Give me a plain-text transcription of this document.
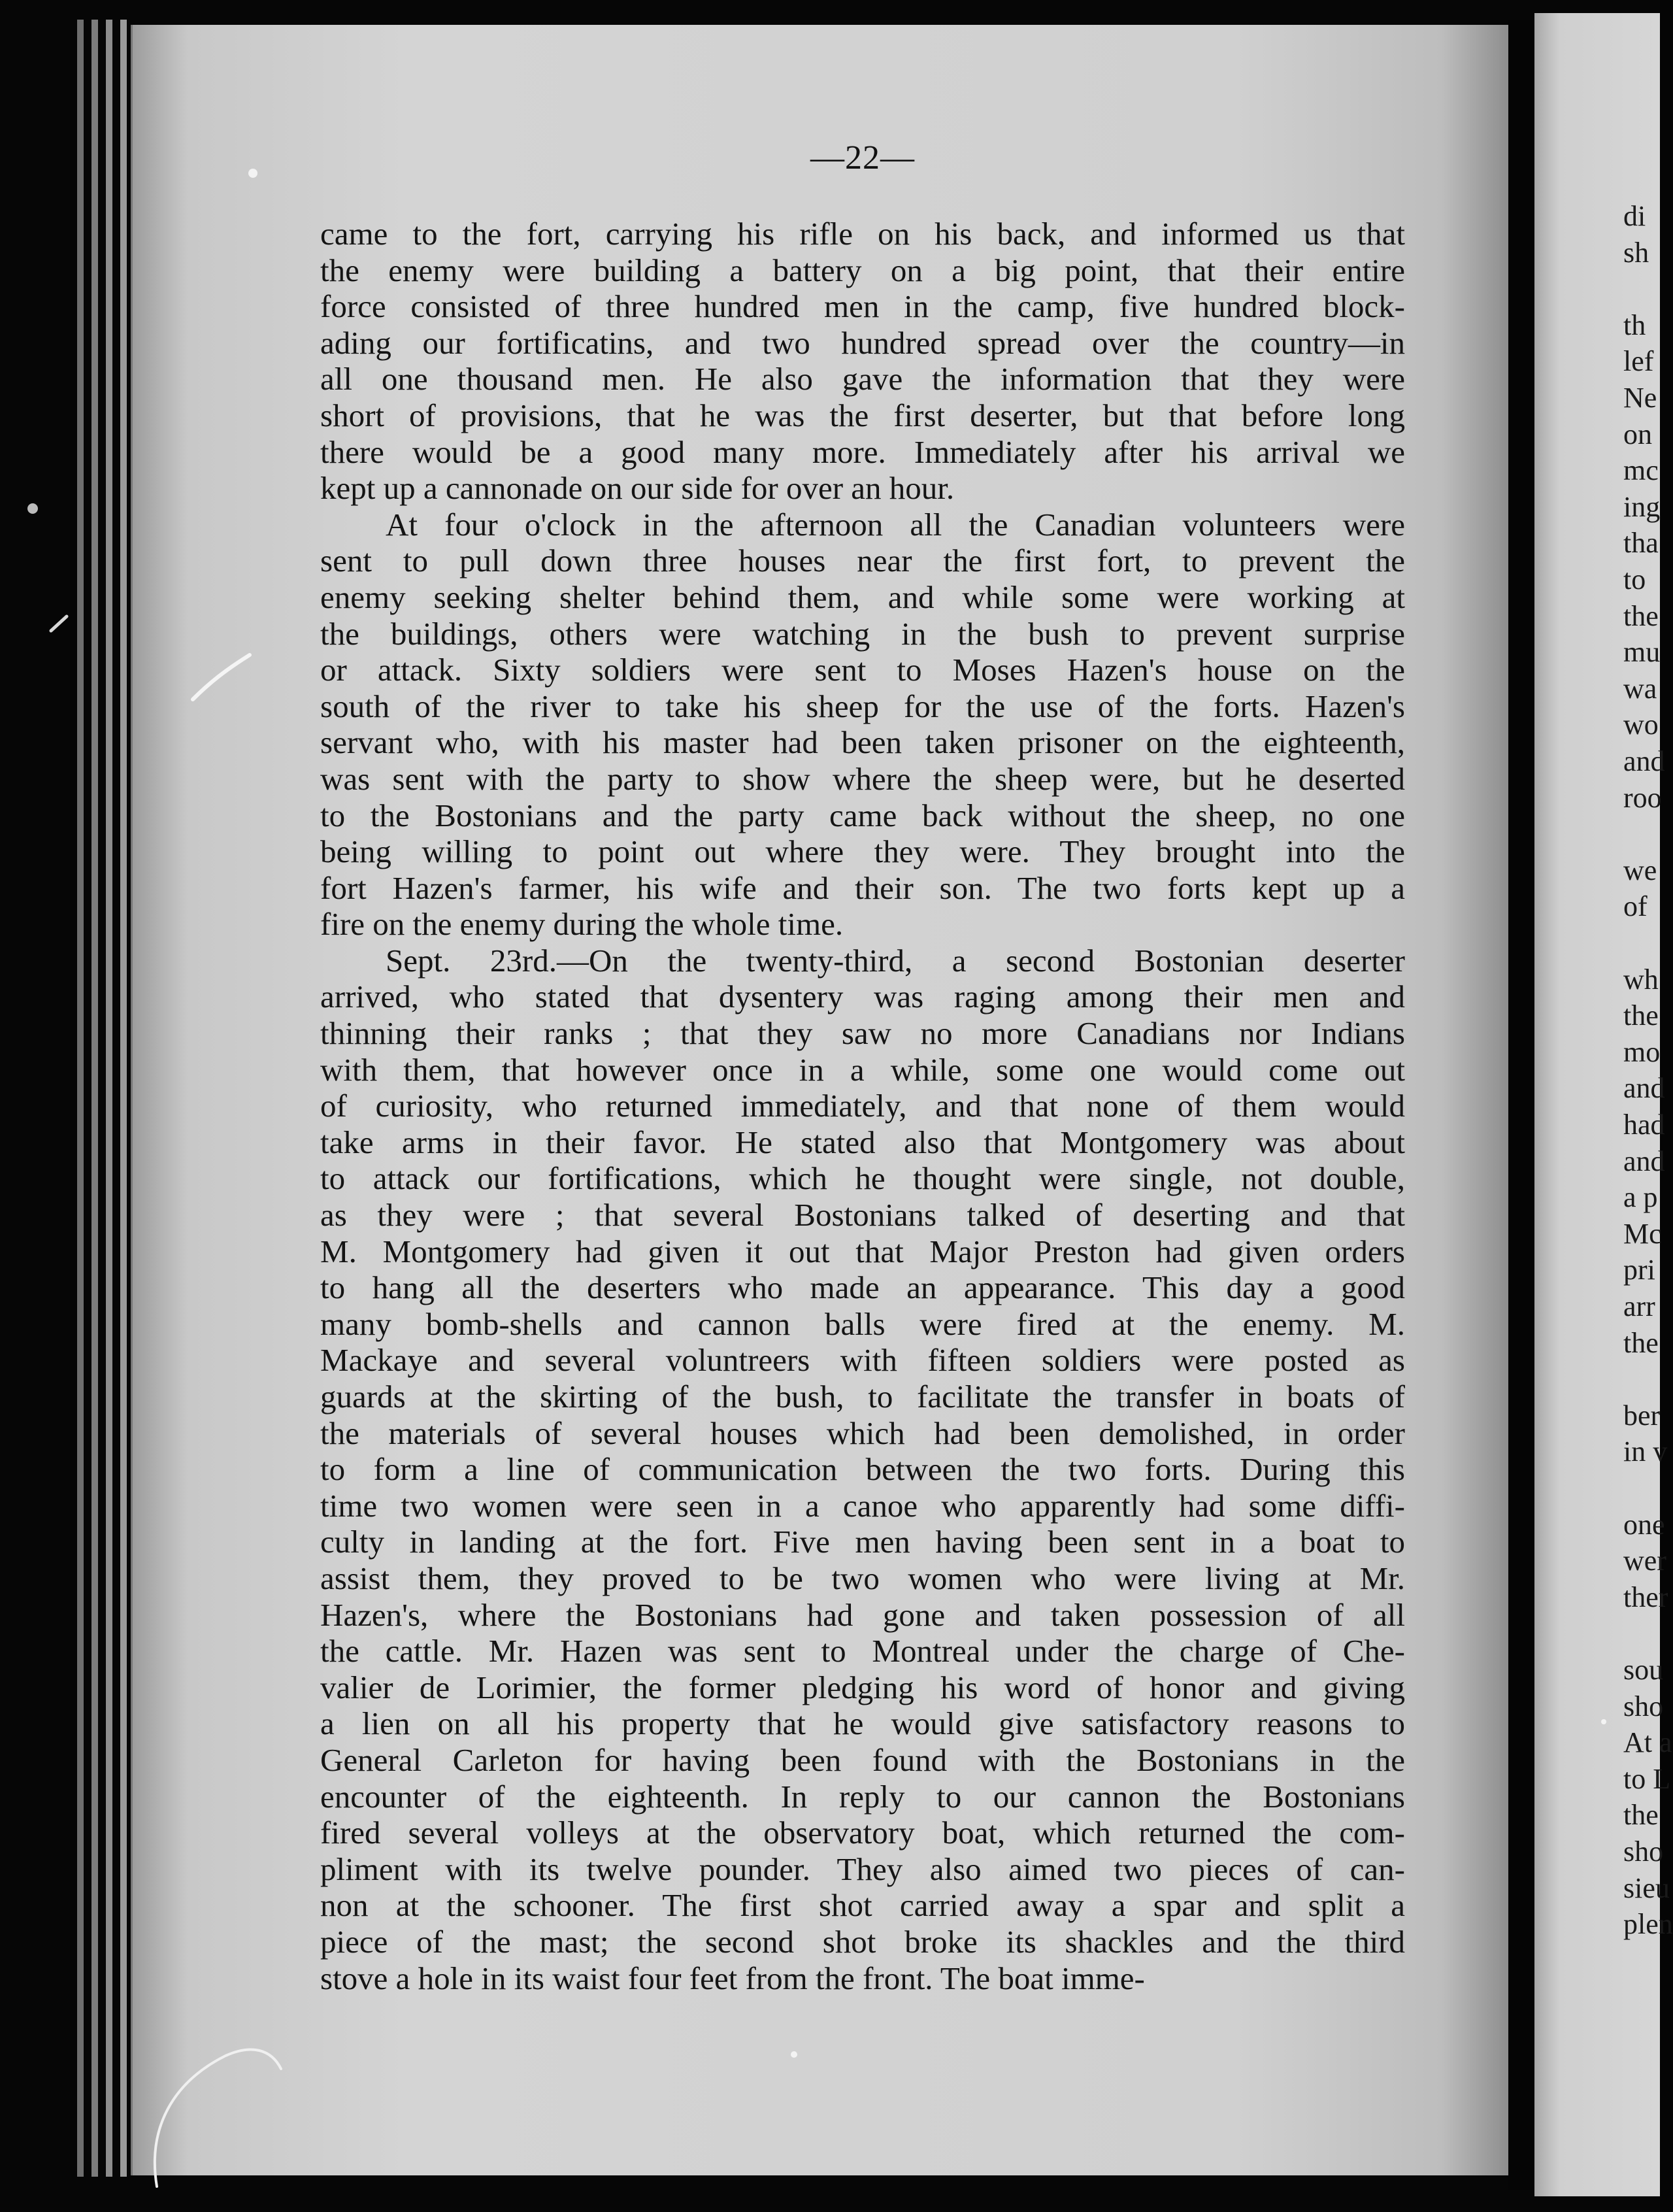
—22—
came to the fort, carrying his rifle on his back, and informed us that
the enemy were building a battery on a big point, that their entire
force consisted of three hundred men in the camp, five hundred block-
ading our fortificatins, and two hundred spread over the country—in
all one thousand men. He also gave the information that they were
short of provisions, that he was the first deserter, but that before long
there would be a good many more. Immediately after his arrival we
kept up a cannonade on our side for over an hour.
At four o'clock in the afternoon all the Canadian volunteers were
sent to pull down three houses near the first fort, to prevent the
enemy seeking shelter behind them, and while some were working at
the buildings, others were watching in the bush to prevent surprise
or attack. Sixty soldiers were sent to Moses Hazen's house on the
south of the river to take his sheep for the use of the forts. Hazen's
servant who, with his master had been taken prisoner on the eighteenth,
was sent with the party to show where the sheep were, but he deserted
to the Bostonians and the party came back without the sheep, no one
being willing to point out where they were. They brought into the
fort Hazen's farmer, his wife and their son. The two forts kept up a
fire on the enemy during the whole time.
Sept. 23rd.—On the twenty-third, a second Bostonian deserter
arrived, who stated that dysentery was raging among their men and
thinning their ranks ; that they saw no more Canadians nor Indians
with them, that however once in a while, some one would come out
of curiosity, who returned immediately, and that none of them would
take arms in their favor. He stated also that Montgomery was about
to attack our fortifications, which he thought were single, not double,
as they were ; that several Bostonians talked of deserting and that
M. Montgomery had given it out that Major Preston had given orders
to hang all the deserters who made an appearance. This day a good
many bomb-shells and cannon balls were fired at the enemy. M.
Mackaye and several voluntreers with fifteen soldiers were posted as
guards at the skirting of the bush, to facilitate the transfer in boats of
the materials of several houses which had been demolished, in order
to form a line of communication between the two forts. During this
time two women were seen in a canoe who apparently had some diffi-
culty in landing at the fort. Five men having been sent in a boat to
assist them, they proved to be two women who were living at Mr.
Hazen's, where the Bostonians had gone and taken possession of all
the cattle. Mr. Hazen was sent to Montreal under the charge of Che-
valier de Lorimier, the former pledging his word of honor and giving
a lien on all his property that he would give satisfactory reasons to
General Carleton for having been found with the Bostonians in the
encounter of the eighteenth. In reply to our cannon the Bostonians
fired several volleys at the observatory boat, which returned the com-
pliment with its twelve pounder. They also aimed two pieces of can-
non at the schooner. The first shot carried away a spar and split a
piece of the mast; the second shot broke its shackles and the third
stove a hole in its waist four feet from the front. The boat imme-
di
sh
th
lef
Ne
on
mc
ing
tha
to
the
mu
wa
wo
and
roo
we
of
wh
the
mo
and
had
and
a p
Mc
pri
arr
the
ber
in v
one
wer
ther
sou
sho
At a
to L
the
sho
sieu
plen
